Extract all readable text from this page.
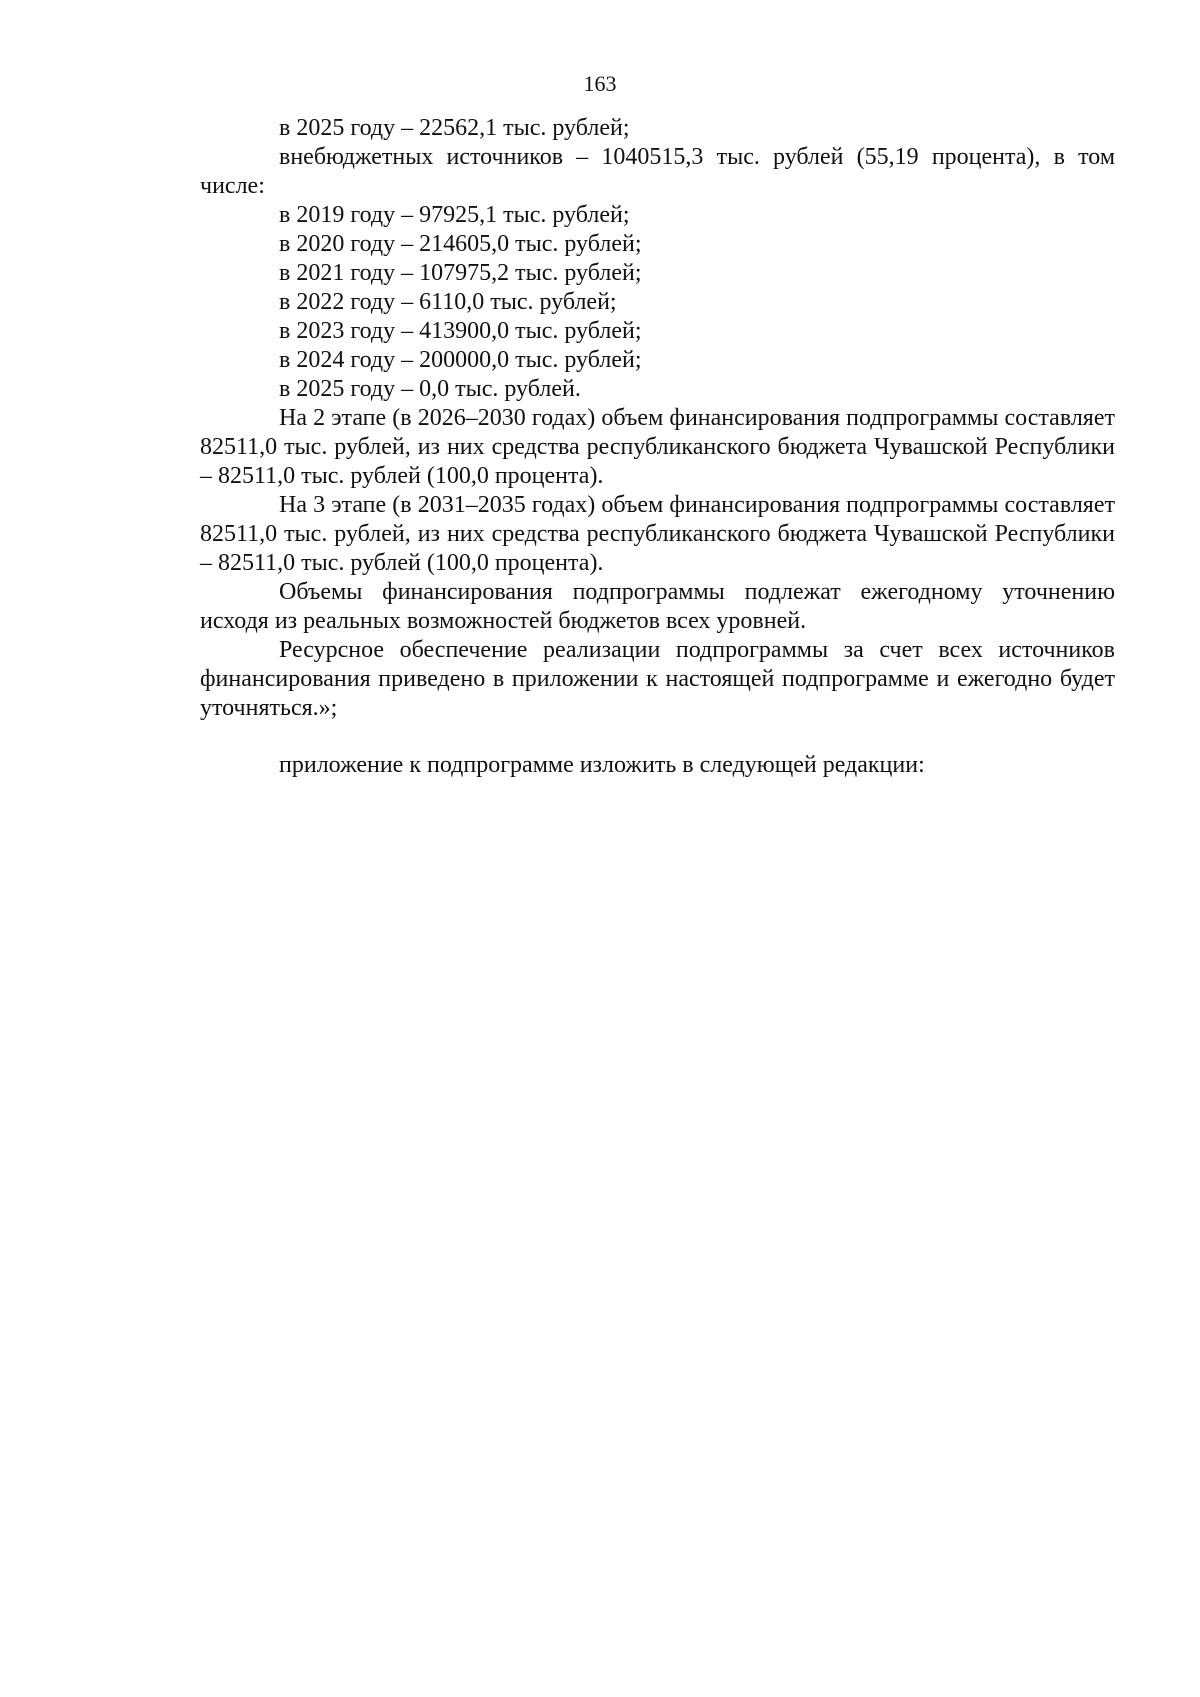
163

в 2025 году – 22562,1 тыс. рублей;

внебюджетных источников – 1040515,3 тыс. рублей (55,19 процента), в том числе:

в 2019 году – 97925,1 тыс. рублей;

в 2020 году – 214605,0 тыс. рублей;

в 2021 году – 107975,2 тыс. рублей;

в 2022 году – 6110,0 тыс. рублей;

в 2023 году – 413900,0 тыс. рублей;

в 2024 году – 200000,0 тыс. рублей;

в 2025 году – 0,0 тыс. рублей.

На 2 этапе (в 2026–2030 годах) объем финансирования подпрограммы составляет 82511,0 тыс. рублей, из них средства республиканского бюджета Чувашской Республики – 82511,0 тыс. рублей (100,0 процента).

На 3 этапе (в 2031–2035 годах) объем финансирования подпрограммы составляет 82511,0 тыс. рублей, из них средства республиканского бюджета Чувашской Республики – 82511,0 тыс. рублей (100,0 процента).

Объемы финансирования подпрограммы подлежат ежегодному уточнению исходя из реальных возможностей бюджетов всех уровней.

Ресурсное обеспечение реализации подпрограммы за счет всех источников финансирования приведено в приложении к настоящей подпрограмме и ежегодно будет уточняться.»;

приложение к подпрограмме изложить в следующей редакции:
